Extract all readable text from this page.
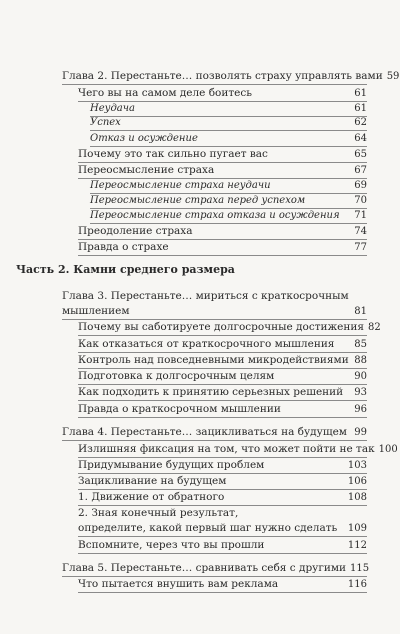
Глава 2. Перестаньте… позволять страху управлять вами 59
Чего вы на самом деле боитесь	61
Неудача	61
Успех	62
Отказ и осуждение	64
Почему это так сильно пугает вас	65
Переосмысление страха	67
Переосмысление страха неудачи	69
Переосмысление страха перед успехом	70
Переосмысление страха отказа и осуждения	71
Преодоление страха	74
Правда о страхе	77
Часть 2. Камни среднего размера
Глава 3. Перестаньте… мириться с краткосрочным
мышлением	81
Почему вы саботируете долгосрочные достижения 82
Как отказаться от краткосрочного мышления	85
Контроль над повседневными микродействиями 88
Подготовка к долгосрочным целям	90
Как подходить к принятию серьезных решений	93
Правда о краткосрочном мышлении	96
Глава 4. Перестаньте… зацикливаться на будущем 99
Излишняя фиксация на том, что может пойти не так 100
Придумывание будущих проблем	103
Зацикливание на будущем	106
1. Движение от обратного	108
2. Зная конечный результат,
определите, какой первый шаг нужно сделать 109
Вспомните, через что вы прошли	112
Глава 5. Перестаньте… сравнивать себя с другими 115
Что пытается внушить вам реклама	116
